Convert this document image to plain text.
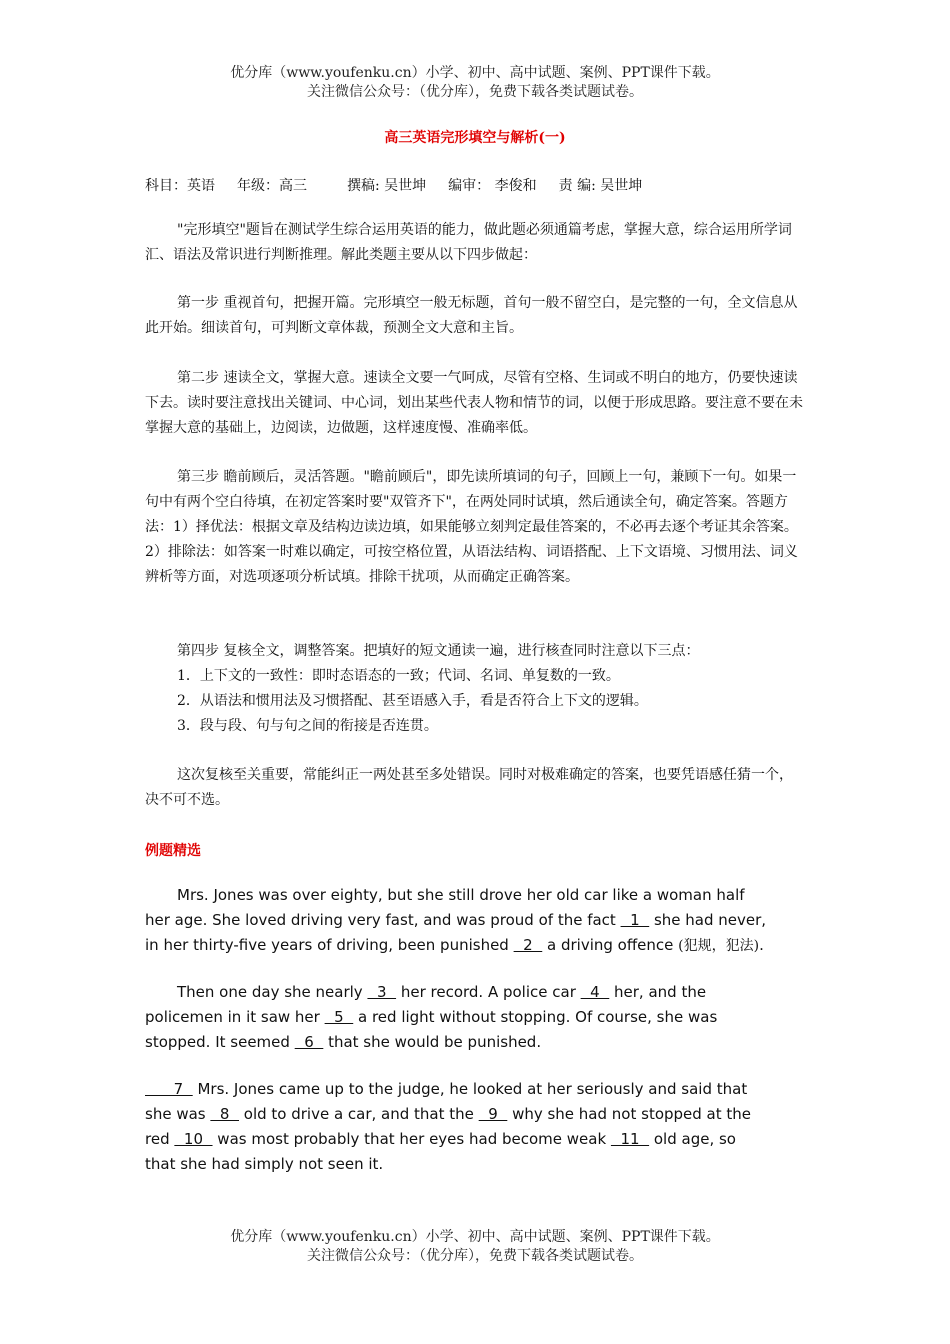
优分库（www.youfenku.cn）小学、初中、高中试题、案例、PPT课件下载。
关注微信公众号：（优分库），免费下载各类试题试卷。
高三英语完形填空与解析(一)
科目：英语 年级：高三	撰稿: 吴世坤 编审： 李俊和 责 编: 吴世坤

"完形填空"题旨在测试学生综合运用英语的能力，做此题必须通篇考虑，掌握大意，综合运用所学词汇、语法及常识进行判断推理。解此类题主要从以下四步做起：

第一步 重视首句，把握开篇。完形填空一般无标题，首句一般不留空白，是完整的一句，全文信息从此开始。细读首句，可判断文章体裁，预测全文大意和主旨。

第二步 速读全文，掌握大意。速读全文要一气呵成，尽管有空格、生词或不明白的地方，仍要快速读下去。读时要注意找出关键词、中心词，划出某些代表人物和情节的词，以便于形成思路。要注意不要在未掌握大意的基础上，边阅读，边做题，这样速度慢、准确率低。

第三步 瞻前顾后，灵活答题。"瞻前顾后"，即先读所填词的句子，回顾上一句，兼顾下一句。如果一句中有两个空白待填，在初定答案时要"双管齐下"，在两处同时试填，然后通读全句，确定答案。答题方法：1）择优法：根据文章及结构边读边填，如果能够立刻判定最佳答案的，不必再去逐个考证其余答案。2）排除法：如答案一时难以确定，可按空格位置，从语法结构、词语搭配、上下文语境、习惯用法、词义辨析等方面，对选项逐项分析试填。排除干扰项，从而确定正确答案。

第四步 复核全文，调整答案。把填好的短文通读一遍，进行核查同时注意以下三点：
1．上下文的一致性：即时态语态的一致；代词、名词、单复数的一致。
2．从语法和惯用法及习惯搭配、甚至语感入手，看是否符合上下文的逻辑。
3．段与段、句与句之间的衔接是否连贯。

这次复核至关重要，常能纠正一两处甚至多处错误。同时对极难确定的答案，也要凭语感任猜一个，决不可不选。

例题精选
Mrs. Jones was over eighty, but she still drove her old car like a woman half
her age. She loved driving very fast, and was proud of the fact   1   she had never,
in her thirty-five years of driving, been punished   2   a driving offence (犯规，犯法).
Then one day she nearly   3   her record. A police car   4   her, and the
policemen in it saw her   5   a red light without stopping. Of course, she was
stopped. It seemed   6   that she would be punished.
7   Mrs. Jones came up to the judge, he looked at her seriously and said that
she was   8   old to drive a car, and that the   9   why she had not stopped at the
red   10   was most probably that her eyes had become weak   11   old age, so
that she had simply not seen it.
优分库（www.youfenku.cn）小学、初中、高中试题、案例、PPT课件下载。
关注微信公众号：（优分库），免费下载各类试题试卷。
